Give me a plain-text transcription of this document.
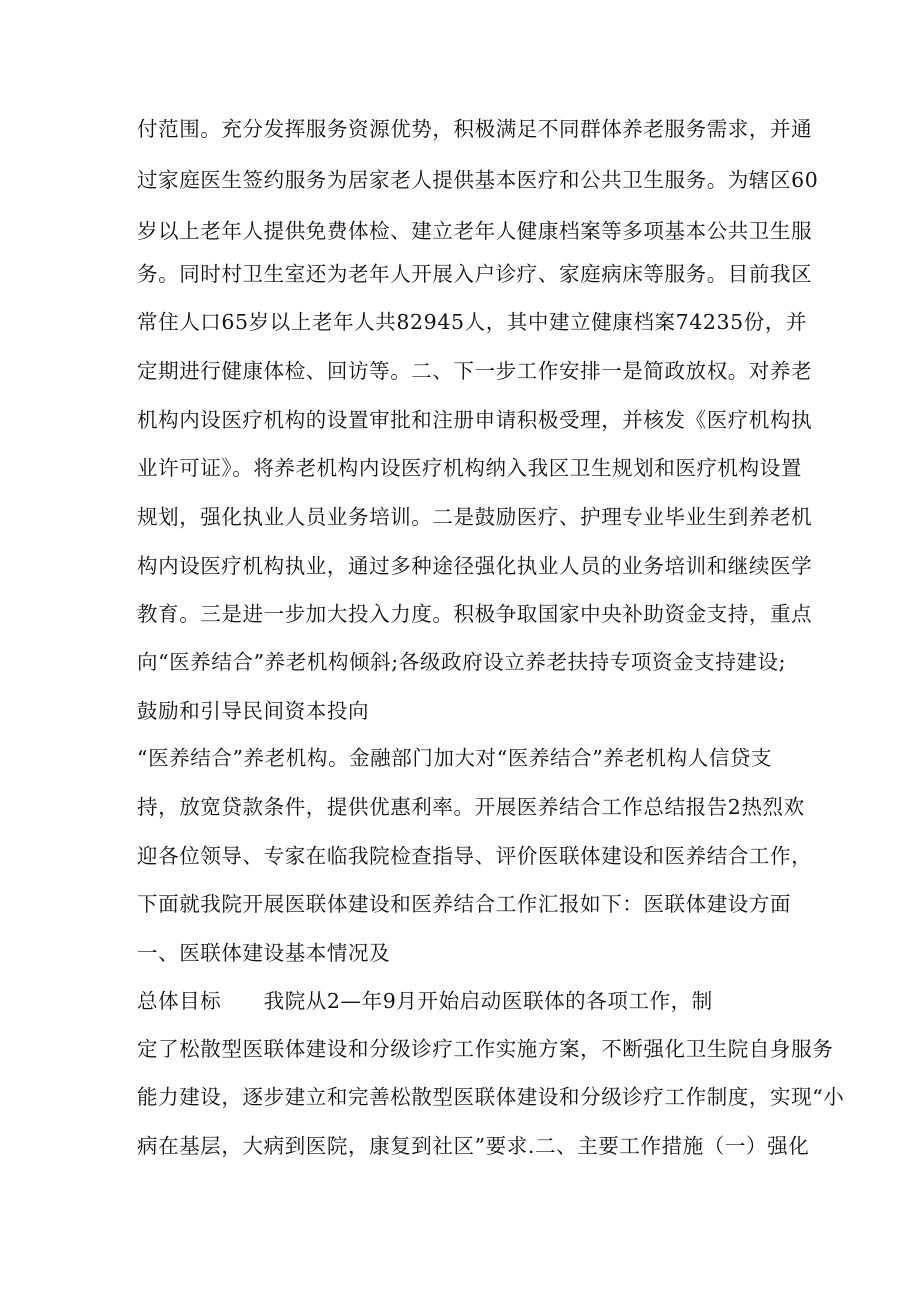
付范围。充分发挥服务资源优势，积极满足不同群体养老服务需求，并通
过家庭医生签约服务为居家老人提供基本医疗和公共卫生服务。为辖区60
岁以上老年人提供免费体检、建立老年人健康档案等多项基本公共卫生服
务。同时村卫生室还为老年人开展入户诊疗、家庭病床等服务。目前我区
常住人口65岁以上老年人共82945人，其中建立健康档案74235份，并
定期进行健康体检、回访等。二、下一步工作安排一是简政放权。对养老
机构内设医疗机构的设置审批和注册申请积极受理，并核发《医疗机构执
业许可证》。将养老机构内设医疗机构纳入我区卫生规划和医疗机构设置
规划，强化执业人员业务培训。二是鼓励医疗、护理专业毕业生到养老机
构内设医疗机构执业，通过多种途径强化执业人员的业务培训和继续医学
教育。三是进一步加大投入力度。积极争取国家中央补助资金支持，重点
向“医养结合”养老机构倾斜;各级政府设立养老扶持专项资金支持建设;
鼓励和引导民间资本投向
“医养结合”养老机构。金融部门加大对“医养结合”养老机构人信贷支
持，放宽贷款条件，提供优惠利率。开展医养结合工作总结报告2热烈欢
迎各位领导、专家在临我院检查指导、评价医联体建设和医养结合工作，
下面就我院开展医联体建设和医养结合工作汇报如下：医联体建设方面
一、医联体建设基本情况及
总体目标　　我院从2—年9月开始启动医联体的各项工作，制
定了松散型医联体建设和分级诊疗工作实施方案，不断强化卫生院自身服务
能力建设，逐步建立和完善松散型医联体建设和分级诊疗工作制度，实现“小
病在基层，大病到医院，康复到社区”要求.二、主要工作措施（一）强化
